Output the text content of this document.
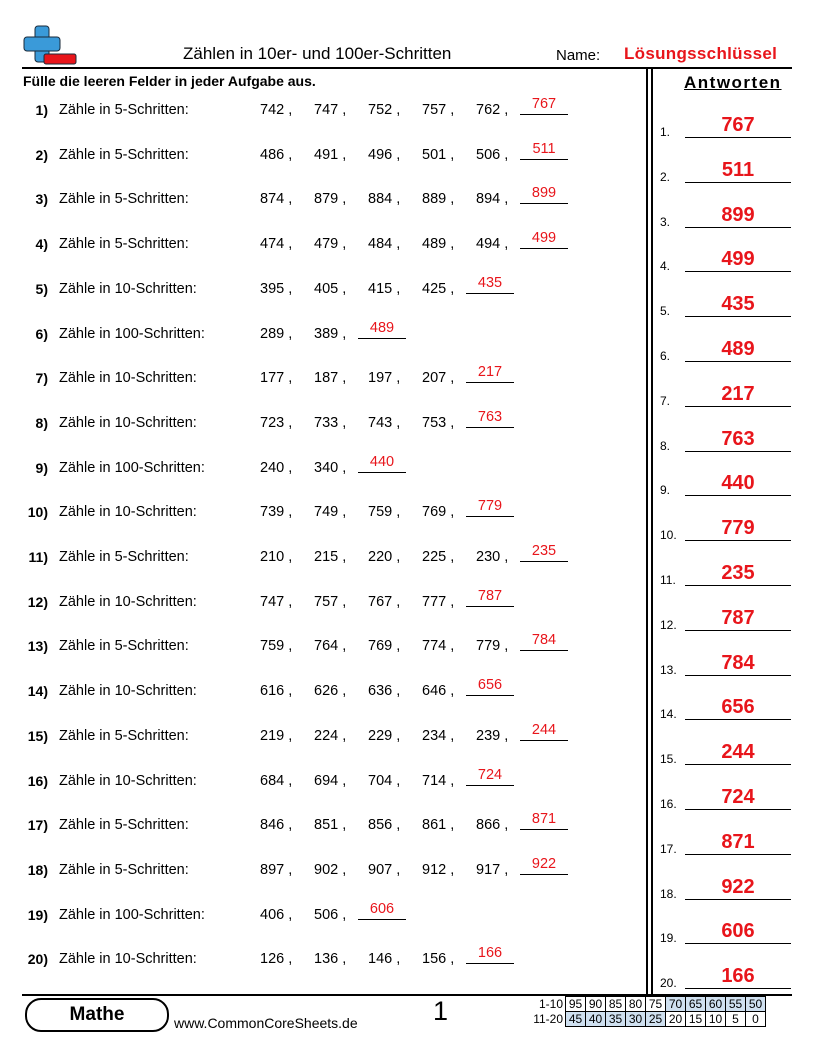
Zählen in 10er- und 100er-Schritten	Name: Lösungsschlüssel
Fülle die leeren Felder in jeder Aufgabe aus.	Antworten
1) Zähle in 5-Schritten:	742 , 747 , 752 , 757 , 762 ,	767
2) Zähle in 5-Schritten:	486 , 491 , 496 , 501 , 506 ,	511
3) Zähle in 5-Schritten:	874 , 879 , 884 , 889 , 894 ,	899
4) Zähle in 5-Schritten:	474 , 479 , 484 , 489 , 494 ,	499
5) Zähle in 10-Schritten:	395 , 405 , 415 , 425 ,	435
6) Zähle in 100-Schritten:	289 , 389 ,	489
7) Zähle in 10-Schritten:	177 , 187 , 197 , 207 ,	217
8) Zähle in 10-Schritten:	723 , 733 , 743 , 753 ,	763
9) Zähle in 100-Schritten:	240 , 340 ,	440
10) Zähle in 10-Schritten:	739 , 749 , 759 , 769 ,	779
11) Zähle in 5-Schritten:	210 , 215 , 220 , 225 , 230 ,	235
12) Zähle in 10-Schritten:	747 , 757 , 767 , 777 ,	787
13) Zähle in 5-Schritten:	759 , 764 , 769 , 774 , 779 ,	784
14) Zähle in 10-Schritten:	616 , 626 , 636 , 646 ,	656
15) Zähle in 5-Schritten:	219 , 224 , 229 , 234 , 239 ,	244
16) Zähle in 10-Schritten:	684 , 694 , 704 , 714 ,	724
17) Zähle in 5-Schritten:	846 , 851 , 856 , 861 , 866 ,	871
18) Zähle in 5-Schritten:	897 , 902 , 907 , 912 , 917 ,	922
19) Zähle in 100-Schritten:	406 , 506 ,	606
20) Zähle in 10-Schritten:	126 , 136 , 146 , 156 ,	166
1.	767
2.	511
3.	899
4.	499
5.	435
6.	489
7.	217
8.	763
9.	440
10.	779
11.	235
12.	787
13.	784
14.	656
15.	244
16.	724
17.	871
18.	922
19.	606
20.	166
Mathe	www.CommonCoreSheets.de	1	1-10	95	90	85	80	75	70	65	60	55	50
11-20	45	40	35	30	25	20	15	10	5	0
